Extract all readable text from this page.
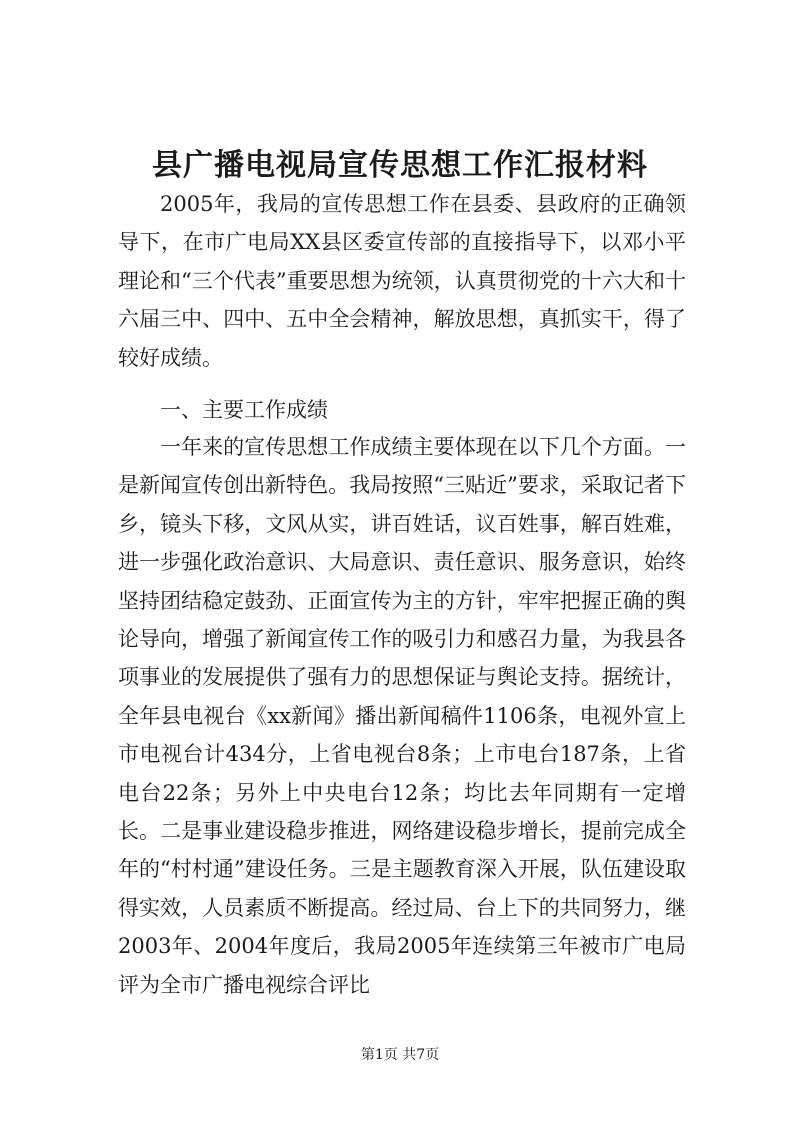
县广播电视局宣传思想工作汇报材料

2005年，我局的宣传思想工作在县委、县政府的正确领导下，在市广电局XX县区委宣传部的直接指导下，以邓小平理论和“三个代表”重要思想为统领，认真贯彻党的十六大和十六届三中、四中、五中全会精神，解放思想，真抓实干，得了较好成绩。

一、主要工作成绩

一年来的宣传思想工作成绩主要体现在以下几个方面。一是新闻宣传创出新特色。我局按照“三贴近”要求，采取记者下乡，镜头下移，文风从实，讲百姓话，议百姓事，解百姓难，进一步强化政治意识、大局意识、责任意识、服务意识，始终坚持团结稳定鼓劲、正面宣传为主的方针，牢牢把握正确的舆论导向，增强了新闻宣传工作的吸引力和感召力量，为我县各项事业的发展提供了强有力的思想保证与舆论支持。据统计，全年县电视台《xx新闻》播出新闻稿件1106条，电视外宣上市电视台计434分，上省电视台8条；上市电台187条，上省电台22条；另外上中央电台12条；均比去年同期有一定增长。二是事业建设稳步推进，网络建设稳步增长，提前完成全年的“村村通”建设任务。三是主题教育深入开展，队伍建设取得实效，人员素质不断提高。经过局、台上下的共同努力，继2003年、2004年度后，我局2005年连续第三年被市广电局评为全市广播电视综合评比

第1页 共7页
